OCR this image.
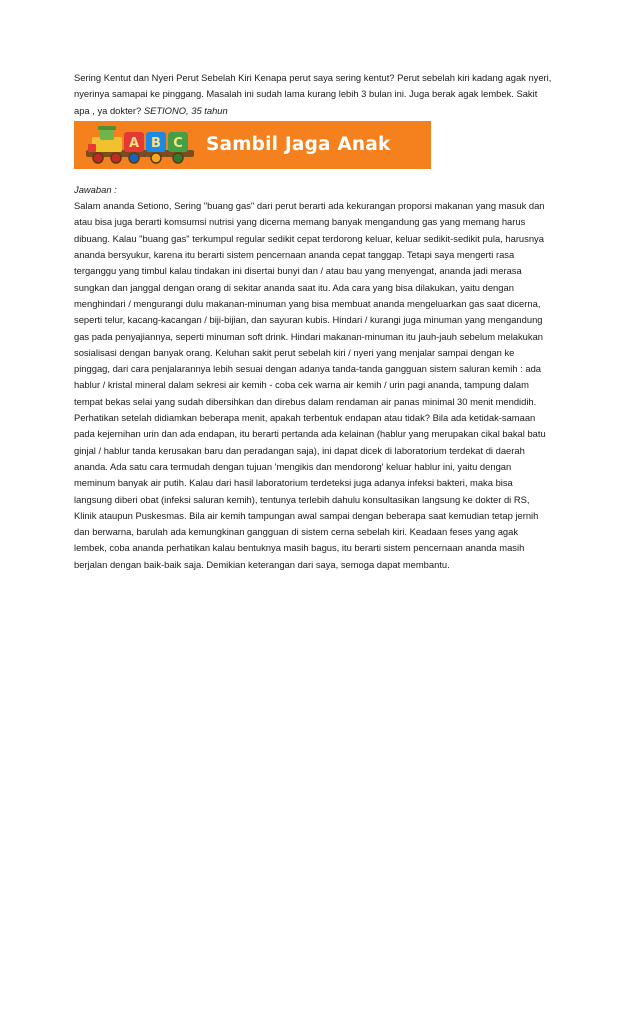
Sering Kentut dan Nyeri Perut Sebelah Kiri Kenapa perut saya sering kentut? Perut sebelah kiri kadang agak nyeri, nyerinya samapai ke pinggang. Masalah ini sudah lama kurang lebih 3 bulan ini. Juga berak agak lembek. Sakit apa , ya dokter? SETIONO, 35 tahun

A B C Sambil Jaga Anak

Jawaban :

Salam ananda Setiono, Sering "buang gas" dari perut berarti ada kekurangan proporsi makanan yang masuk dan atau bisa juga berarti komsumsi nutrisi yang dicerna memang banyak mengandung gas yang memang harus dibuang. Kalau "buang gas" terkumpul regular sedikit cepat terdorong keluar, keluar sedikit-sedikit pula, harusnya ananda bersyukur, karena itu berarti sistem pencernaan ananda cepat tanggap. Tetapi saya mengerti rasa terganggu yang timbul kalau tindakan ini disertai bunyi dan / atau bau yang menyengat, ananda jadi merasa sungkan dan janggal dengan orang di sekitar ananda saat itu. Ada cara yang bisa dilakukan, yaitu dengan menghindari / mengurangi dulu makanan-minuman yang bisa membuat ananda mengeluarkan gas saat dicerna, seperti telur, kacang-kacangan / biji-bijian, dan sayuran kubis. Hindari / kurangi juga minuman yang mengandung gas pada penyajiannya, seperti minuman soft drink. Hindari makanan-minuman itu jauh-jauh sebelum melakukan sosialisasi dengan banyak orang. Keluhan sakit perut sebelah kiri / nyeri yang menjalar sampai dengan ke pinggag, dari cara penjalarannya lebih sesuai dengan adanya tanda-tanda gangguan sistem saluran kemih : ada hablur / kristal mineral dalam sekresi air kemih - coba cek warna air kemih / urin pagi ananda, tampung dalam tempat bekas selai yang sudah dibersihkan dan direbus dalam rendaman air panas minimal 30 menit mendidih. Perhatikan setelah didiamkan beberapa menit, apakah terbentuk endapan atau tidak? Bila ada ketidak-samaan pada kejernihan urin dan ada endapan, itu berarti pertanda ada kelainan (hablur yang merupakan cikal bakal batu ginjal / hablur tanda kerusakan baru dan peradangan saja), ini dapat dicek di laboratorium terdekat di daerah ananda. Ada satu cara termudah dengan tujuan 'mengikis dan mendorong' keluar hablur ini, yaitu dengan meminum banyak air putih. Kalau dari hasil laboratorium terdeteksi juga adanya infeksi bakteri, maka bisa langsung diberi obat (infeksi saluran kemih), tentunya terlebih dahulu konsultasikan langsung ke dokter di RS, Klinik ataupun Puskesmas. Bila air kemih tampungan awal sampai dengan beberapa saat kemudian tetap jernih dan berwarna, barulah ada kemungkinan gangguan di sistem cerna sebelah kiri. Keadaan feses yang agak lembek, coba ananda perhatikan kalau bentuknya masih bagus, itu berarti sistem pencernaan ananda masih berjalan dengan baik-baik saja. Demikian keterangan dari saya, semoga dapat membantu.
